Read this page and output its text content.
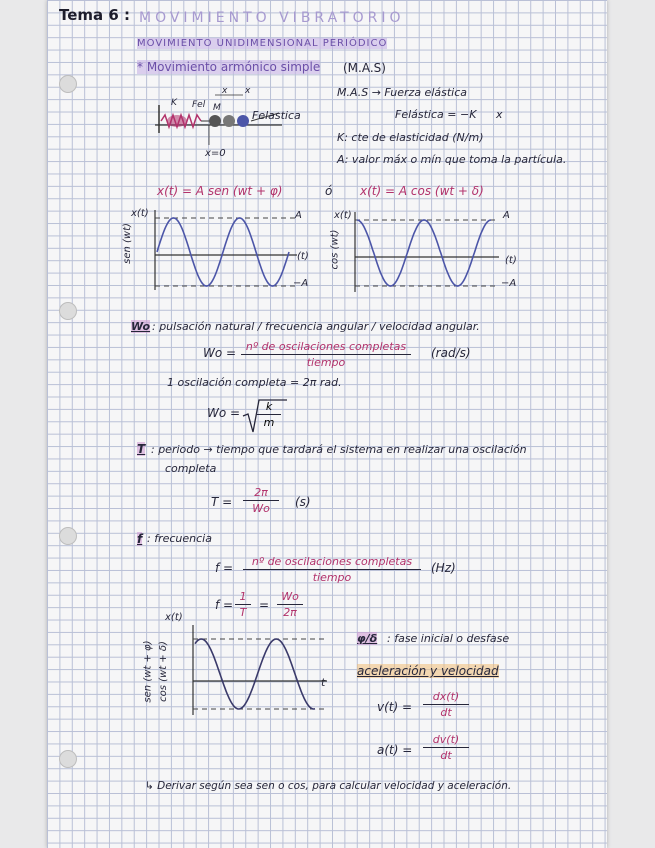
Tema 6 : MOVIMIENTO VIBRATORIO
MOVIMIENTO UNIDIMENSIONAL PERIÓDICO
* Movimiento armónico simple (M.A.S)
K Fel
x x
M
Felastica
x=0
M.A.S → Fuerza elástica
Felástica = −K x
K: cte de elasticidad (N/m)
A: valor máx o mín que toma la partícula.
x(t) = A sen (wt + φ)	ó x(t) = A cos (wt + δ)
x(t)	A
−A
(t)
sen (wt)
x(t)	A
−A
(t)
cos (wt)
Wo : pulsación natural / frecuencia angular / velocidad angular.
Wo = nº de oscilaciones completas
tiempo
(rad/s)
1 oscilación completa = 2π rad.
Wo =	k
m
T : periodo → tiempo que tardará el sistema en realizar una oscilación
completa
T =
2π
Wo	(s)
f : frecuencia
f =	nº de oscilaciones completas
tiempo
(Hz)
f =
1
T
=
Wo
2π
x(t)
t
sen (wt + φ) cos (wt + δ)
φ/δ : fase inicial o desfase
aceleración y velocidad
v(t) =
dx(t)
dt
a(t) =
dv(t)
dt
↳ Derivar según sea sen o cos, para calcular velocidad y aceleración.
